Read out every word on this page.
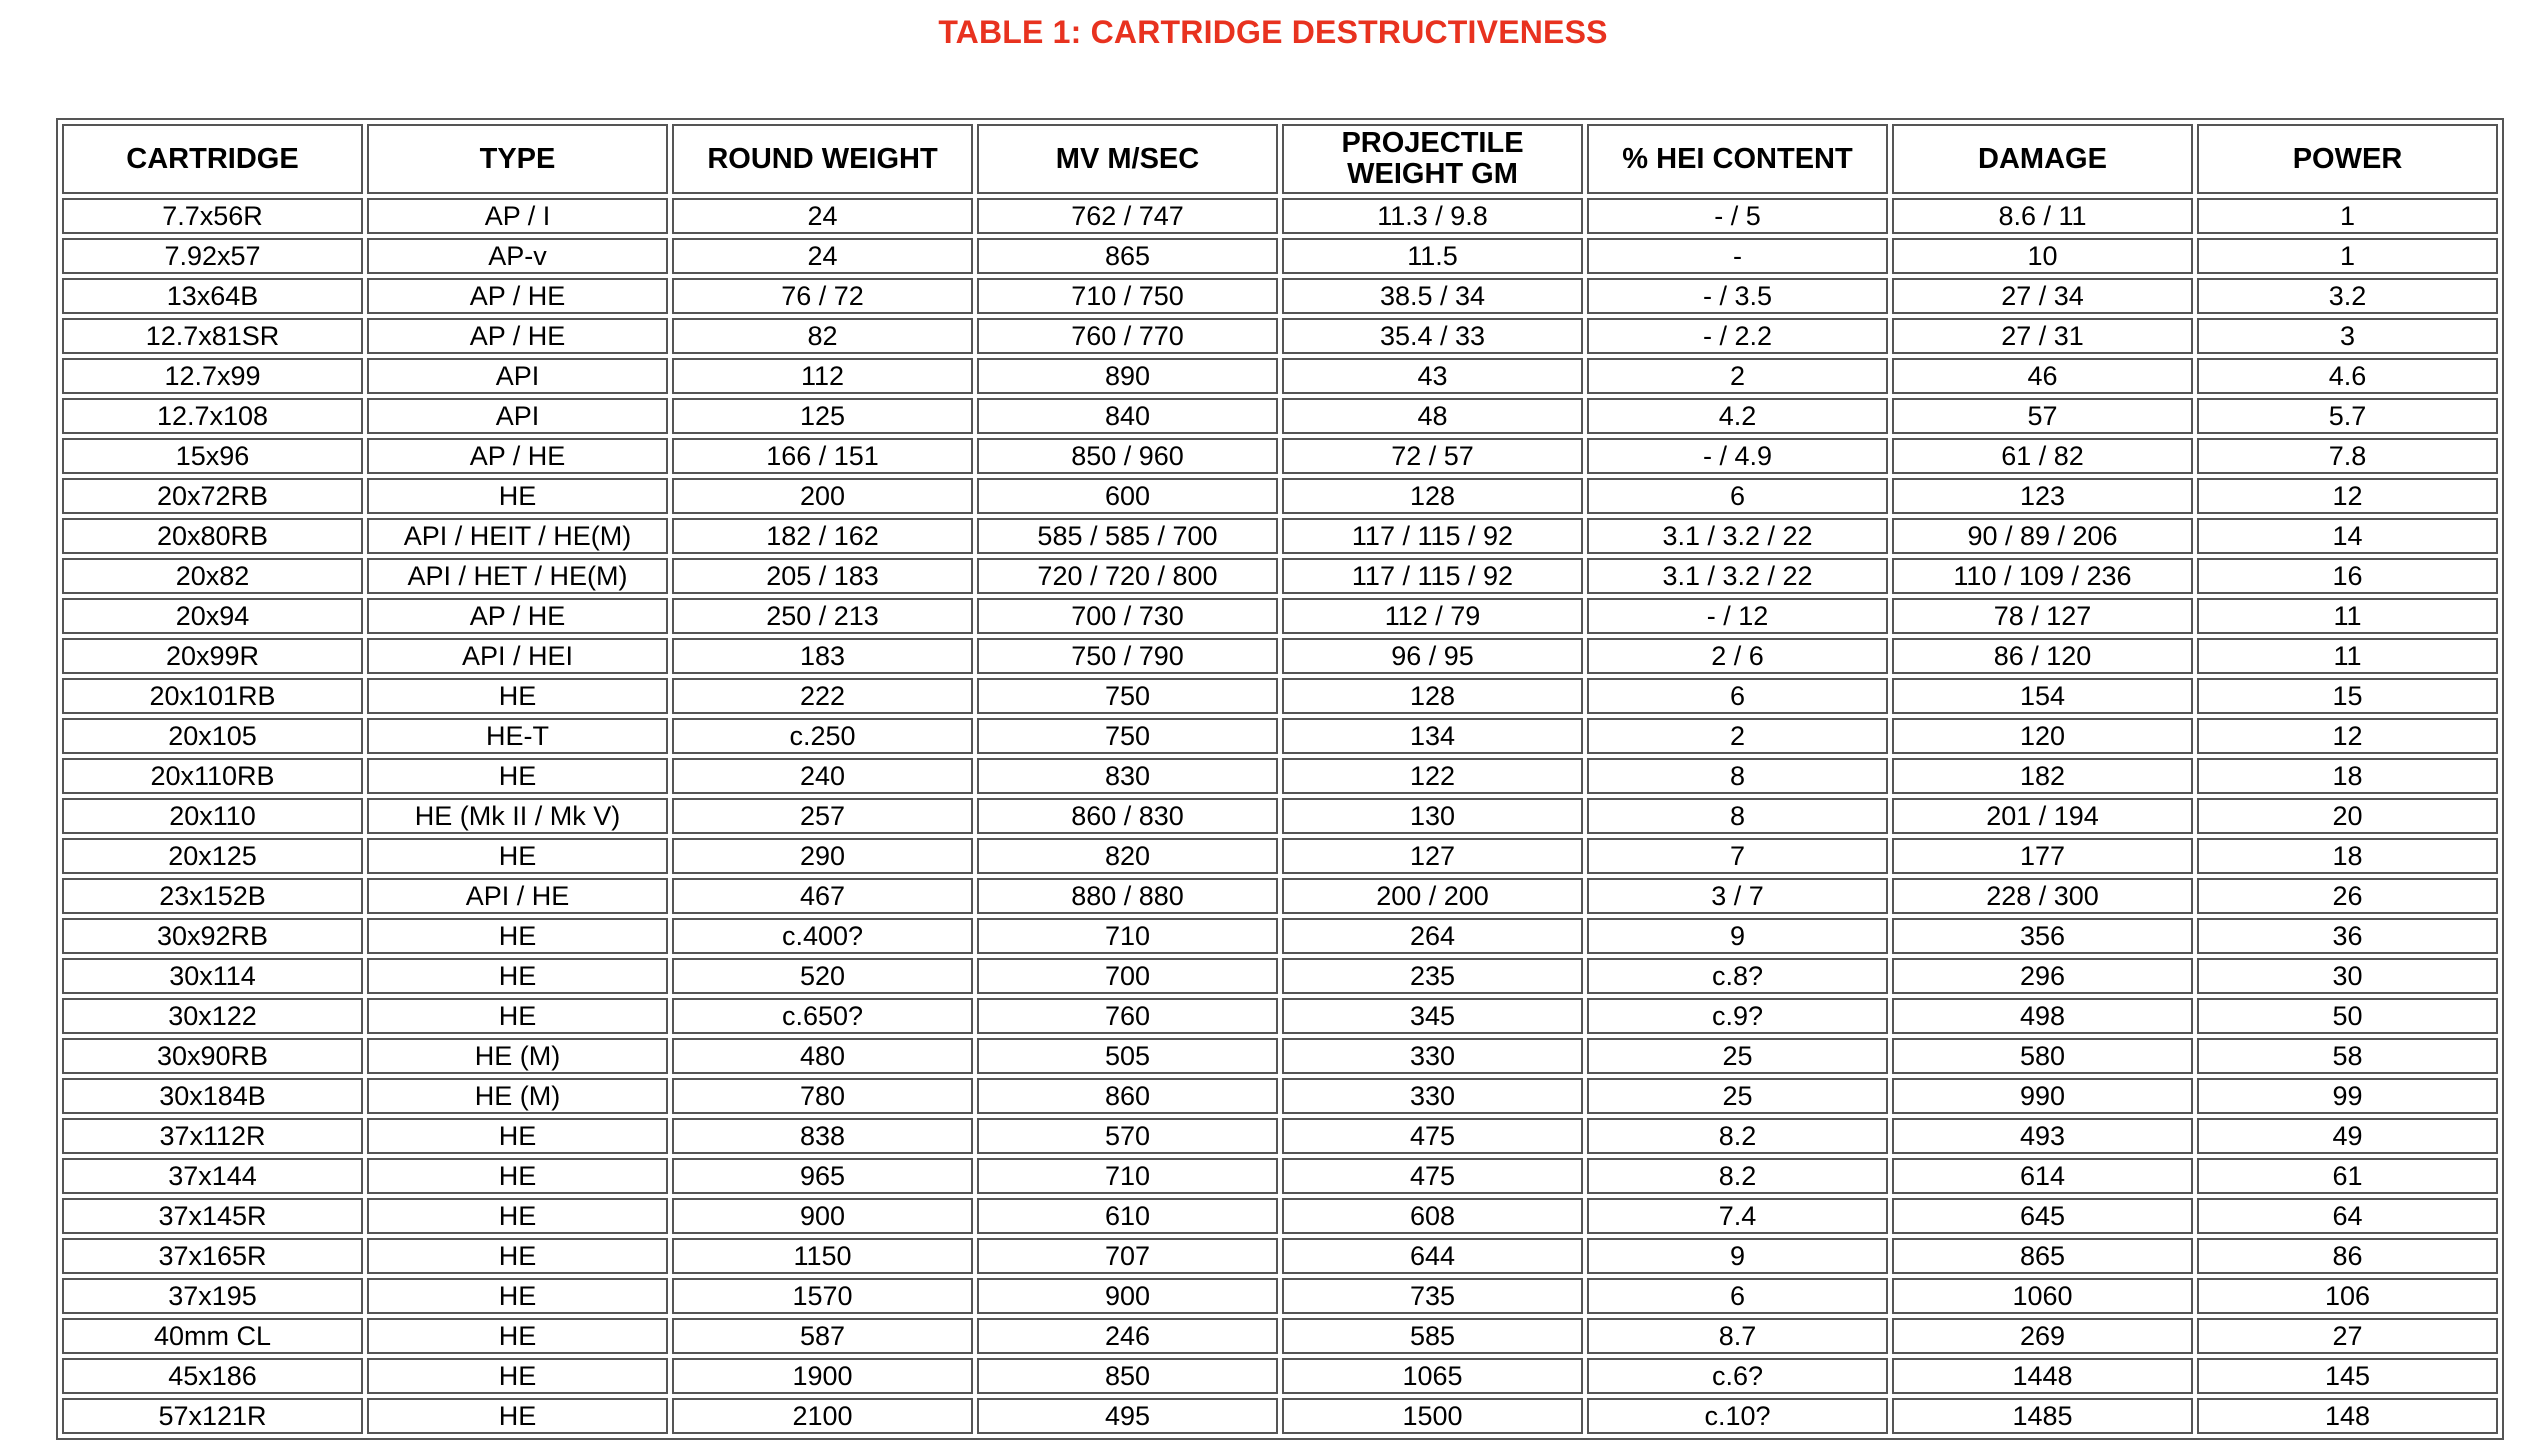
TABLE 1: CARTRIDGE DESTRUCTIVENESS
CARTRIDGE	TYPE	ROUND WEIGHT	MV M/SEC	PROJECTILE WEIGHT GM	% HEI CONTENT	DAMAGE	POWER
7.7x56R	AP / I	24	762 / 747	11.3 / 9.8	- / 5	8.6 / 11	1
7.92x57	AP-v	24	865	11.5	-	10	1
13x64B	AP / HE	76 / 72	710 / 750	38.5 / 34	- / 3.5	27 / 34	3.2
12.7x81SR	AP / HE	82	760 / 770	35.4 / 33	- / 2.2	27 / 31	3
12.7x99	API	112	890	43	2	46	4.6
12.7x108	API	125	840	48	4.2	57	5.7
15x96	AP / HE	166 / 151	850 / 960	72 / 57	- / 4.9	61 / 82	7.8
20x72RB	HE	200	600	128	6	123	12
20x80RB	API / HEIT / HE(M)	182 / 162	585 / 585 / 700	117 / 115 / 92	3.1 / 3.2 / 22	90 / 89 / 206	14
20x82	API / HET / HE(M)	205 / 183	720 / 720 / 800	117 / 115 / 92	3.1 / 3.2 / 22	110 / 109 / 236	16
20x94	AP / HE	250 / 213	700 / 730	112 / 79	- / 12	78 / 127	11
20x99R	API / HEI	183	750 / 790	96 / 95	2 / 6	86 / 120	11
20x101RB	HE	222	750	128	6	154	15
20x105	HE-T	c.250	750	134	2	120	12
20x110RB	HE	240	830	122	8	182	18
20x110	HE (Mk II / Mk V)	257	860 / 830	130	8	201 / 194	20
20x125	HE	290	820	127	7	177	18
23x152B	API / HE	467	880 / 880	200 / 200	3 / 7	228 / 300	26
30x92RB	HE	c.400?	710	264	9	356	36
30x114	HE	520	700	235	c.8?	296	30
30x122	HE	c.650?	760	345	c.9?	498	50
30x90RB	HE (M)	480	505	330	25	580	58
30x184B	HE (M)	780	860	330	25	990	99
37x112R	HE	838	570	475	8.2	493	49
37x144	HE	965	710	475	8.2	614	61
37x145R	HE	900	610	608	7.4	645	64
37x165R	HE	1150	707	644	9	865	86
37x195	HE	1570	900	735	6	1060	106
40mm CL	HE	587	246	585	8.7	269	27
45x186	HE	1900	850	1065	c.6?	1448	145
57x121R	HE	2100	495	1500	c.10?	1485	148
